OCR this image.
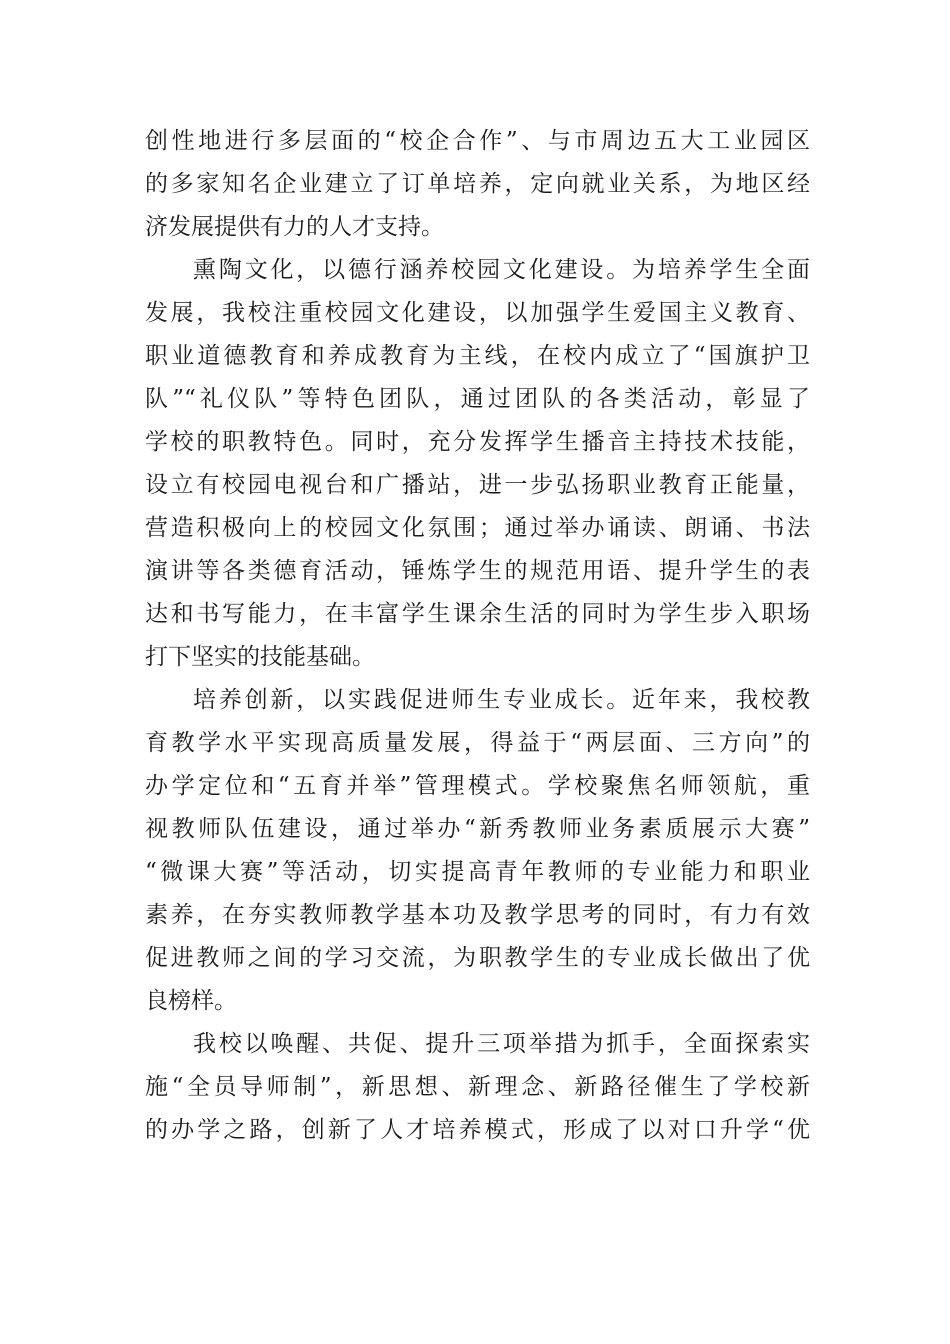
创性地进行多层面的“校企合作”、与市周边五大工业园区
的多家知名企业建立了订单培养，定向就业关系，为地区经
济发展提供有力的人才支持。
熏陶文化，以德行涵养校园文化建设。为培养学生全面
发展，我校注重校园文化建设，以加强学生爱国主义教育、
职业道德教育和养成教育为主线，在校内成立了“国旗护卫
队”“礼仪队”等特色团队，通过团队的各类活动，彰显了
学校的职教特色。同时，充分发挥学生播音主持技术技能，
设立有校园电视台和广播站，进一步弘扬职业教育正能量，
营造积极向上的校园文化氛围；通过举办诵读、朗诵、书法
演讲等各类德育活动，锤炼学生的规范用语、提升学生的表
达和书写能力，在丰富学生课余生活的同时为学生步入职场
打下坚实的技能基础。
培养创新，以实践促进师生专业成长。近年来，我校教
育教学水平实现高质量发展，得益于“两层面、三方向”的
办学定位和“五育并举”管理模式。学校聚焦名师领航，重
视教师队伍建设，通过举办“新秀教师业务素质展示大赛”
“微课大赛”等活动，切实提高青年教师的专业能力和职业
素养，在夯实教师教学基本功及教学思考的同时，有力有效
促进教师之间的学习交流，为职教学生的专业成长做出了优
良榜样。
我校以唤醒、共促、提升三项举措为抓手，全面探索实
施“全员导师制”，新思想、新理念、新路径催生了学校新
的办学之路，创新了人才培养模式，形成了以对口升学“优
